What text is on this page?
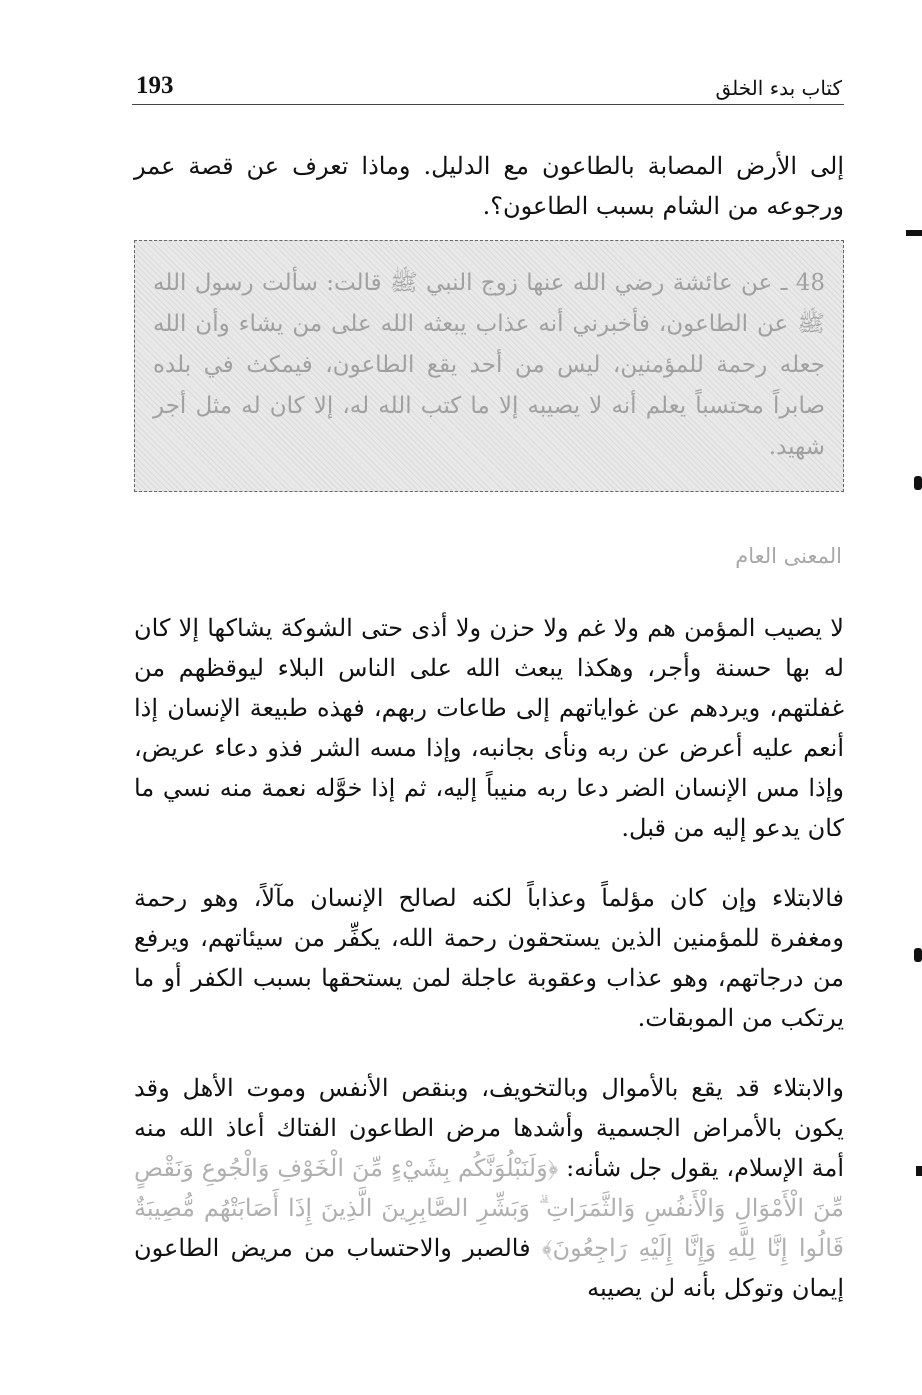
193	كتاب بدء الخلق

إلى الأرض المصابة بالطاعون مع الدليل. وماذا تعرف عن قصة عمر ورجوعه من الشام بسبب الطاعون؟.

48 ـ عن عائشة رضي الله عنها زوج النبي ﷺ قالت: سألت رسول الله ﷺ عن الطاعون، فأخبرني أنه عذاب يبعثه الله على من يشاء وأن الله جعله رحمة للمؤمنين، ليس من أحد يقع الطاعون، فيمكث في بلده صابراً محتسباً يعلم أنه لا يصيبه إلا ما كتب الله له، إلا كان له مثل أجر شهيد.
المعنى العام

لا يصيب المؤمن هم ولا غم ولا حزن ولا أذى حتى الشوكة يشاكها إلا كان له بها حسنة وأجر، وهكذا يبعث الله على الناس البلاء ليوقظهم من غفلتهم، ويردهم عن غواياتهم إلى طاعات ربهم، فهذه طبيعة الإنسان إذا أنعم عليه أعرض عن ربه ونأى بجانبه، وإذا مسه الشر فذو دعاء عريض، وإذا مس الإنسان الضر دعا ربه منيباً إليه، ثم إذا خوَّله نعمة منه نسي ما كان يدعو إليه من قبل.

فالابتلاء وإن كان مؤلماً وعذاباً لكنه لصالح الإنسان مآلاً، وهو رحمة ومغفرة للمؤمنين الذين يستحقون رحمة الله، يكفِّر من سيئاتهم، ويرفع من درجاتهم، وهو عذاب وعقوبة عاجلة لمن يستحقها بسبب الكفر أو ما يرتكب من الموبقات.

والابتلاء قد يقع بالأموال وبالتخويف، وبنقص الأنفس وموت الأهل وقد يكون بالأمراض الجسمية وأشدها مرض الطاعون الفتاك أعاذ الله منه أمة الإسلام، يقول جل شأنه: ﴿وَلَنَبْلُوَنَّكُم بِشَيْءٍ مِّنَ الْخَوْفِ وَالْجُوعِ وَنَقْصٍ مِّنَ الْأَمْوَالِ وَالْأَنفُسِ وَالثَّمَرَاتِ ۗ وَبَشِّرِ الصَّابِرِينَ الَّذِينَ إِذَا أَصَابَتْهُم مُّصِيبَةٌ قَالُوا إِنَّا لِلَّهِ وَإِنَّا إِلَيْهِ رَاجِعُونَ﴾ فالصبر والاحتساب من مريض الطاعون إيمان وتوكل بأنه لن يصيبه
